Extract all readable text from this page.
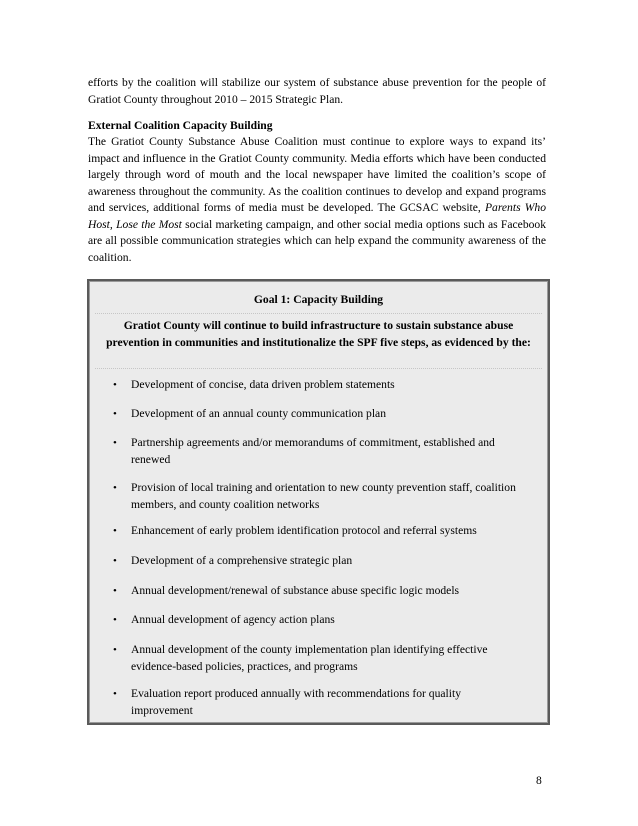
efforts by the coalition will stabilize our system of substance abuse prevention for the people of Gratiot County throughout 2010 – 2015 Strategic Plan.
External Coalition Capacity Building
The Gratiot County Substance Abuse Coalition must continue to explore ways to expand its’ impact and influence in the Gratiot County community. Media efforts which have been conducted largely through word of mouth and the local newspaper have limited the coalition’s scope of awareness throughout the community. As the coalition continues to develop and expand programs and services, additional forms of media must be developed. The GCSAC website, Parents Who Host, Lose the Most social marketing campaign, and other social media options such as Facebook are all possible communication strategies which can help expand the community awareness of the coalition.
Goal 1: Capacity Building
Gratiot County will continue to build infrastructure to sustain substance abuse prevention in communities and institutionalize the SPF five steps, as evidenced by the:
• Development of concise, data driven problem statements
• Development of an annual county communication plan
• Partnership agreements and/or memorandums of commitment, established and renewed
• Provision of local training and orientation to new county prevention staff, coalition members, and county coalition networks
• Enhancement of early problem identification protocol and referral systems
• Development of a comprehensive strategic plan
• Annual development/renewal of substance abuse specific logic models
• Annual development of agency action plans
• Annual development of the county implementation plan identifying effective evidence-based policies, practices, and programs
• Evaluation report produced annually with recommendations for quality improvement
8
